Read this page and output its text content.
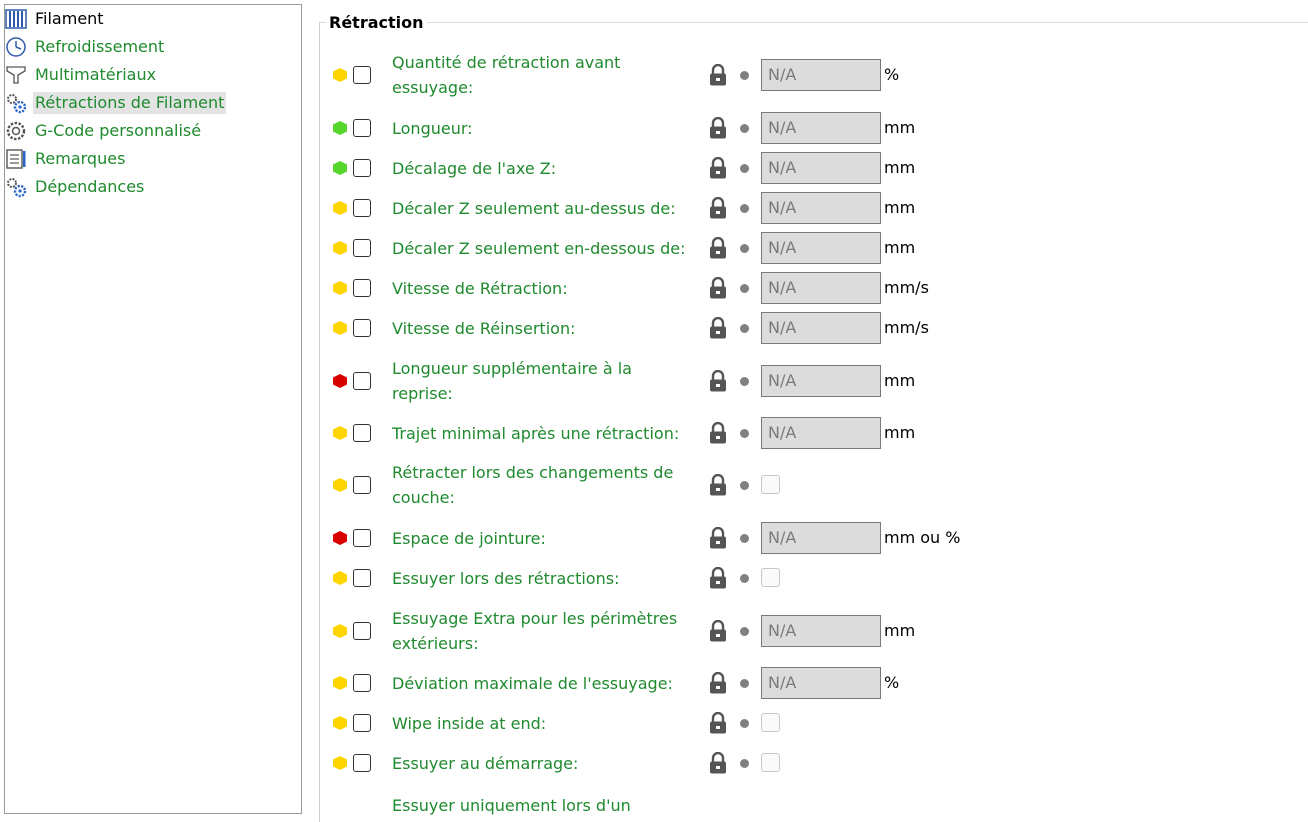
Filament
Refroidissement
Multimatériaux
Rétractions de Filament
G-Code personnalisé
Remarques
Dépendances
Rétraction
Quantité de rétraction avant essuyage:
N/A	%
Longueur:	N/A	mm
Décalage de l'axe Z:	N/A	mm
Décaler Z seulement au-dessus de:	N/A	mm
Décaler Z seulement en-dessous de:	N/A	mm
Vitesse de Rétraction:	N/A	mm/s
Vitesse de Réinsertion:	N/A	mm/s
Longueur supplémentaire à la reprise:
N/A	mm
Trajet minimal après une rétraction:	N/A	mm
Rétracter lors des changements de couche:
Espace de jointure:	N/A	mm ou %
Essuyer lors des rétractions:
Essuyage Extra pour les périmètres extérieurs:
N/A	mm
Déviation maximale de l'essuyage:	N/A	%
Wipe inside at end:
Essuyer au démarrage:
Essuyer uniquement lors d'un
